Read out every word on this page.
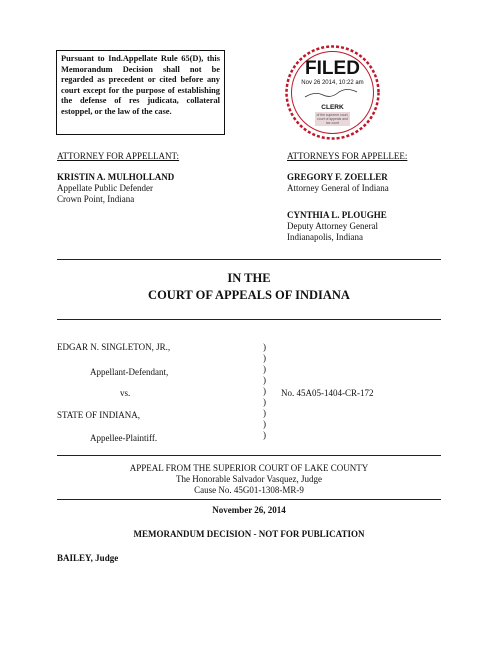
Pursuant to Ind.Appellate Rule 65(D), this Memorandum Decision shall not be regarded as precedent or cited before any court except for the purpose of establishing the defense of res judicata, collateral estoppel, or the law of the case.
FILED
Nov 26 2014, 10:22 am
CLERK
of the supreme court,
court of appeals and
tax court
ATTORNEY FOR APPELLANT:
KRISTIN A. MULHOLLAND
Appellate Public Defender
Crown Point, Indiana
ATTORNEYS FOR APPELLEE:
GREGORY F. ZOELLER
Attorney General of Indiana
CYNTHIA L. PLOUGHE
Deputy Attorney General
Indianapolis, Indiana
IN THE
COURT OF APPEALS OF INDIANA
EDGAR N. SINGLETON, JR.,
Appellant-Defendant,
vs.
STATE OF INDIANA,
Appellee-Plaintiff.
)
)
)
)
)
)
)
)
)
No. 45A05-1404-CR-172
APPEAL FROM THE SUPERIOR COURT OF LAKE COUNTY
The Honorable Salvador Vasquez, Judge
Cause No. 45G01-1308-MR-9
November 26, 2014
MEMORANDUM DECISION - NOT FOR PUBLICATION
BAILEY, Judge
